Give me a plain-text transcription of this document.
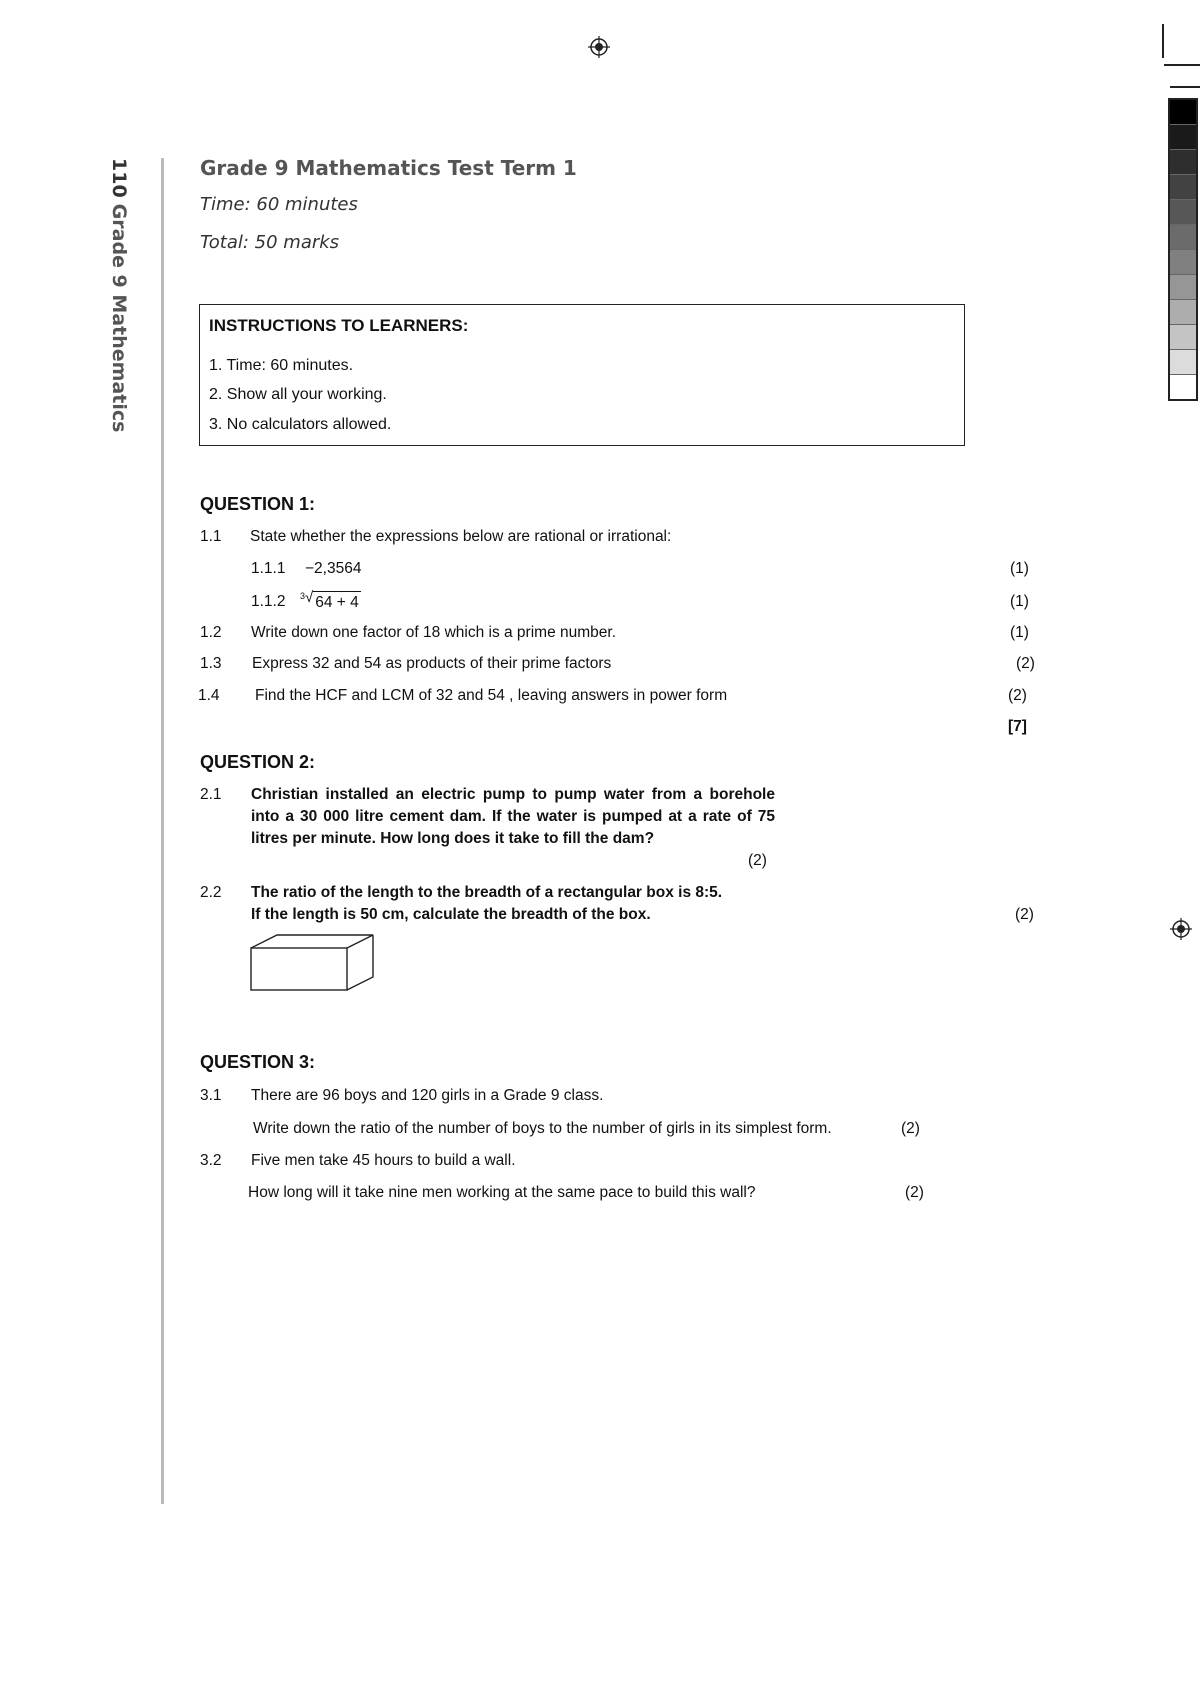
110Grade 9 Mathematics
Grade 9 Mathematics Test Term 1
Time: 60 minutes
Total: 50 marks
INSTRUCTIONS TO LEARNERS:
1. Time: 60 minutes.
2. Show all your working.
3. No calculators allowed.
QUESTION 1:
1.1 State whether the expressions below are rational or irrational:
1.1.1 −2,3564	(1)
1.1.2 3 √ 64 + 4	(1)
1.2 Write down one factor of 18 which is a prime number.	(1)
1.3 Express 32 and 54 as products of their prime factors	(2)
1.4 Find the HCF and LCM of 32 and 54 , leaving answers in power form	(2)
[7]
QUESTION 2:
2.1 Christian installed an electric pump to pump water from a borehole into a 30 000 litre cement dam. If the water is pumped at a rate of 75 litres per minute. How long does it take to fill the dam?
(2)
2.2 The ratio of the length to the breadth of a rectangular box is 8:5.
If the length is 50 cm, calculate the breadth of the box.	(2)
QUESTION 3:
3.1 There are 96 boys and 120 girls in a Grade 9 class.
Write down the ratio of the number of boys to the number of girls in its simplest form.	(2)
3.2 Five men take 45 hours to build a wall.
How long will it take nine men working at the same pace to build this wall?	(2)
